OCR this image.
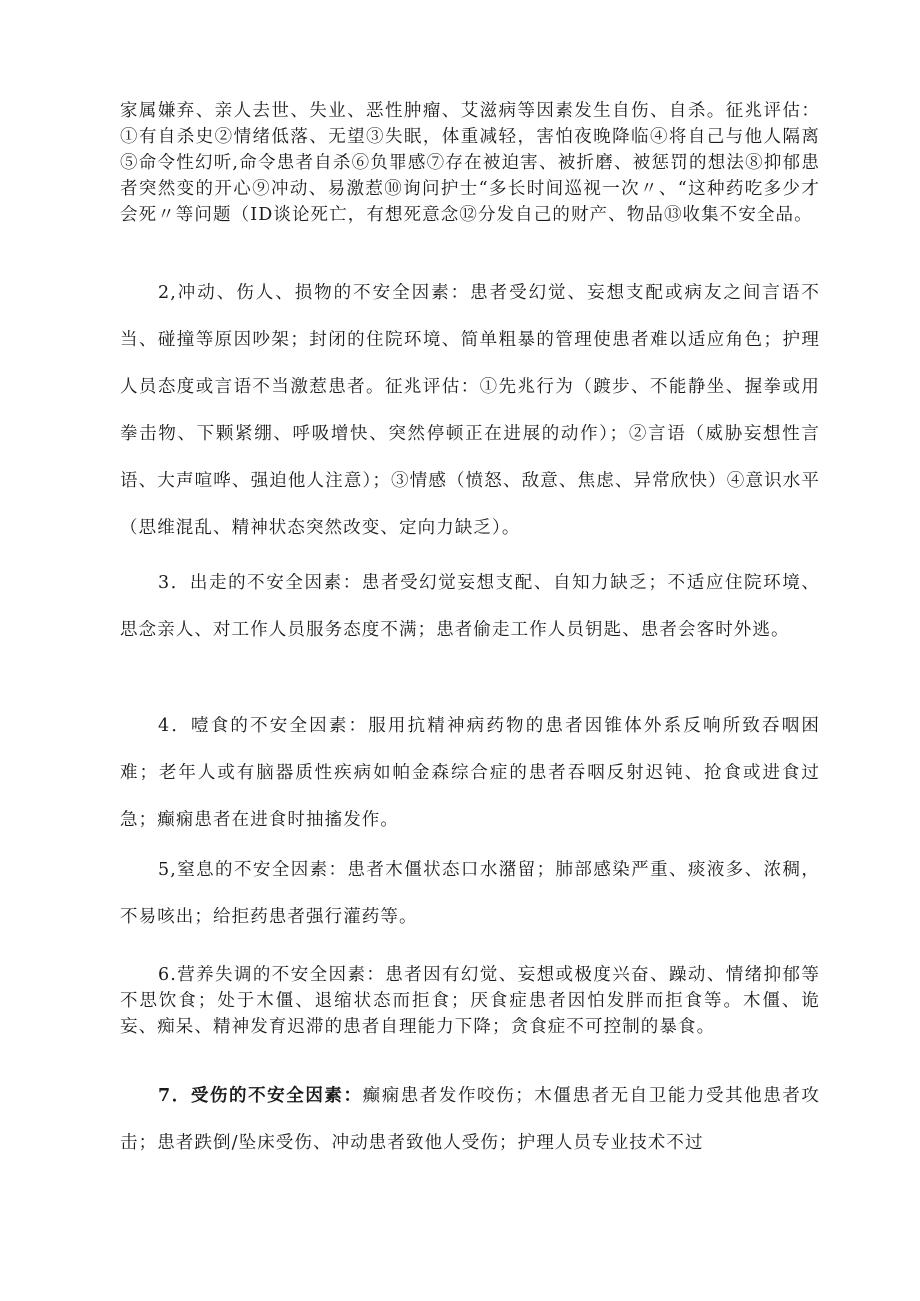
家属嫌弃、亲人去世、失业、恶性肿瘤、艾滋病等因素发生自伤、自杀。征兆评估：①有自杀史②情绪低落、无望③失眠，体重减轻，害怕夜晚降临④将自己与他人隔离⑤命令性幻听,命令患者自杀⑥负罪感⑦存在被迫害、被折磨、被惩罚的想法⑧抑郁患者突然变的开心⑨冲动、易激惹⑩询问护士“多长时间巡视一次〃、“这种药吃多少才会死〃等问题（ID谈论死亡，有想死意念⑫分发自己的财产、物品⑬收集不安全品。

2,冲动、伤人、损物的不安全因素：患者受幻觉、妄想支配或病友之间言语不当、碰撞等原因吵架；封闭的住院环境、简单粗暴的管理使患者难以适应角色；护理人员态度或言语不当激惹患者。征兆评估：①先兆行为（踱步、不能静坐、握拳或用拳击物、下颗紧绷、呼吸增快、突然停顿正在进展的动作）；②言语（威胁妄想性言语、大声喧哗、强迫他人注意）；③情感（愤怒、敌意、焦虑、异常欣快）④意识水平（思维混乱、精神状态突然改变、定向力缺乏）。

3．出走的不安全因素：患者受幻觉妄想支配、自知力缺乏；不适应住院环境、思念亲人、对工作人员服务态度不满；患者偷走工作人员钥匙、患者会客时外逃。

4．噎食的不安全因素：服用抗精神病药物的患者因锥体外系反响所致吞咽困难；老年人或有脑器质性疾病如帕金森综合症的患者吞咽反射迟钝、抢食或进食过急；癫痫患者在进食时抽搐发作。

5,窒息的不安全因素：患者木僵状态口水潴留；肺部感染严重、痰液多、浓稠，不易咳出；给拒药患者强行灌药等。

6.营养失调的不安全因素：患者因有幻觉、妄想或极度兴奋、躁动、情绪抑郁等不思饮食；处于木僵、退缩状态而拒食；厌食症患者因怕发胖而拒食等。木僵、诡妄、痴呆、精神发育迟滞的患者自理能力下降；贪食症不可控制的暴食。

7．受伤的不安全因素：癫痫患者发作咬伤；木僵患者无自卫能力受其他患者攻击；患者跌倒/坠床受伤、冲动患者致他人受伤；护理人员专业技术不过
